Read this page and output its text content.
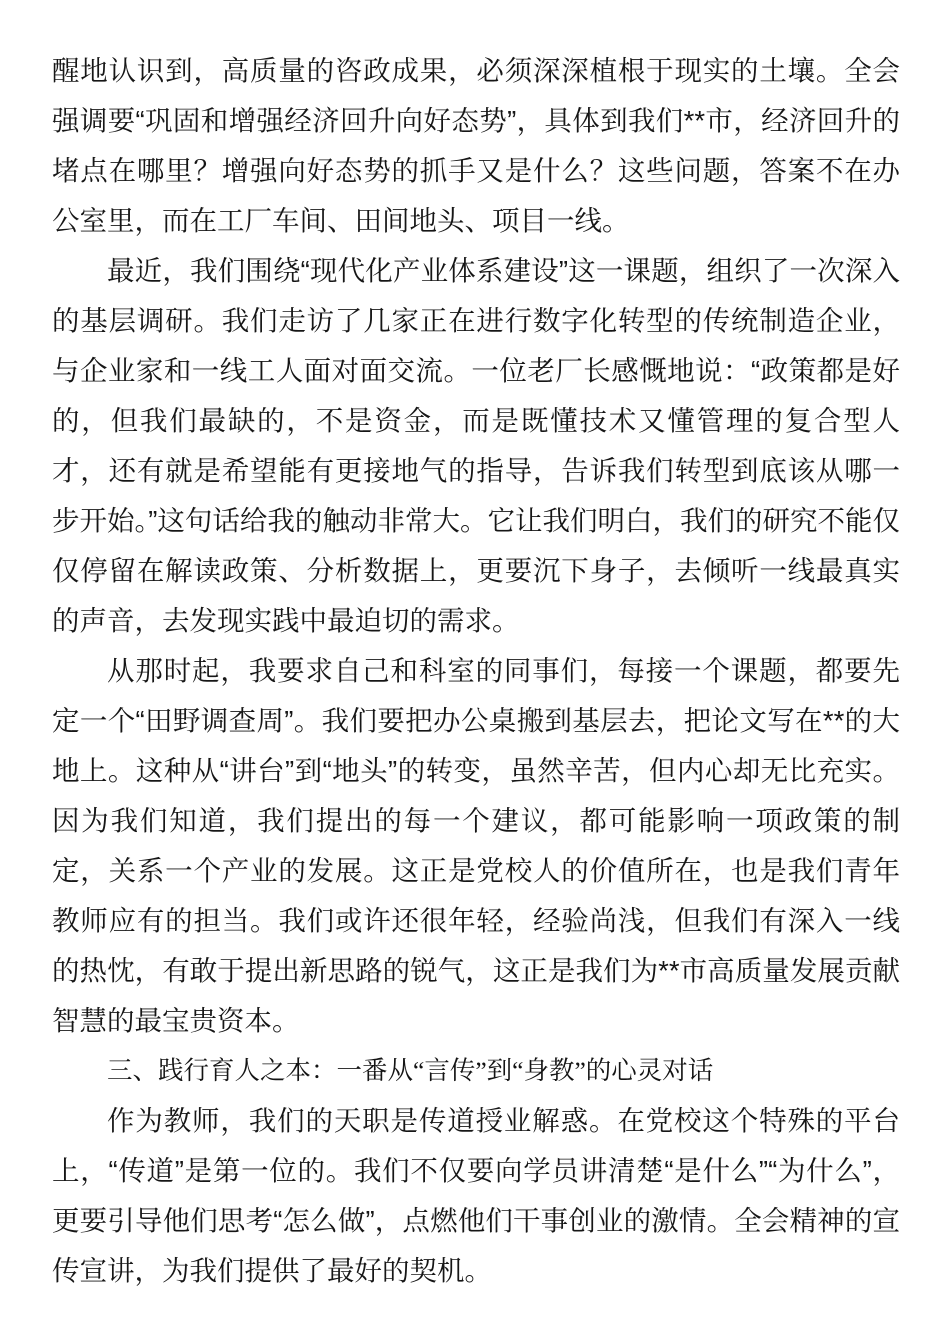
醒地认识到，高质量的咨政成果，必须深深植根于现实的土壤。全会强调要“巩固和增强经济回升向好态势”，具体到我们**市，经济回升的堵点在哪里？增强向好态势的抓手又是什么？这些问题，答案不在办公室里，而在工厂车间、田间地头、项目一线。

最近，我们围绕“现代化产业体系建设”这一课题，组织了一次深入的基层调研。我们走访了几家正在进行数字化转型的传统制造企业，与企业家和一线工人面对面交流。一位老厂长感慨地说：“政策都是好的，但我们最缺的，不是资金，而是既懂技术又懂管理的复合型人才，还有就是希望能有更接地气的指导，告诉我们转型到底该从哪一步开始。”这句话给我的触动非常大。它让我们明白，我们的研究不能仅仅停留在解读政策、分析数据上，更要沉下身子，去倾听一线最真实的声音，去发现实践中最迫切的需求。

从那时起，我要求自己和科室的同事们，每接一个课题，都要先定一个“田野调查周”。我们要把办公桌搬到基层去，把论文写在**的大地上。这种从“讲台”到“地头”的转变，虽然辛苦，但内心却无比充实。因为我们知道，我们提出的每一个建议，都可能影响一项政策的制定，关系一个产业的发展。这正是党校人的价值所在，也是我们青年教师应有的担当。我们或许还很年轻，经验尚浅，但我们有深入一线的热忱，有敢于提出新思路的锐气，这正是我们为**市高质量发展贡献智慧的最宝贵资本。

三、践行育人之本：一番从“言传”到“身教”的心灵对话

作为教师，我们的天职是传道授业解惑。在党校这个特殊的平台上，“传道”是第一位的。我们不仅要向学员讲清楚“是什么”“为什么”，更要引导他们思考“怎么做”，点燃他们干事创业的激情。全会精神的宣传宣讲，为我们提供了最好的契机。
